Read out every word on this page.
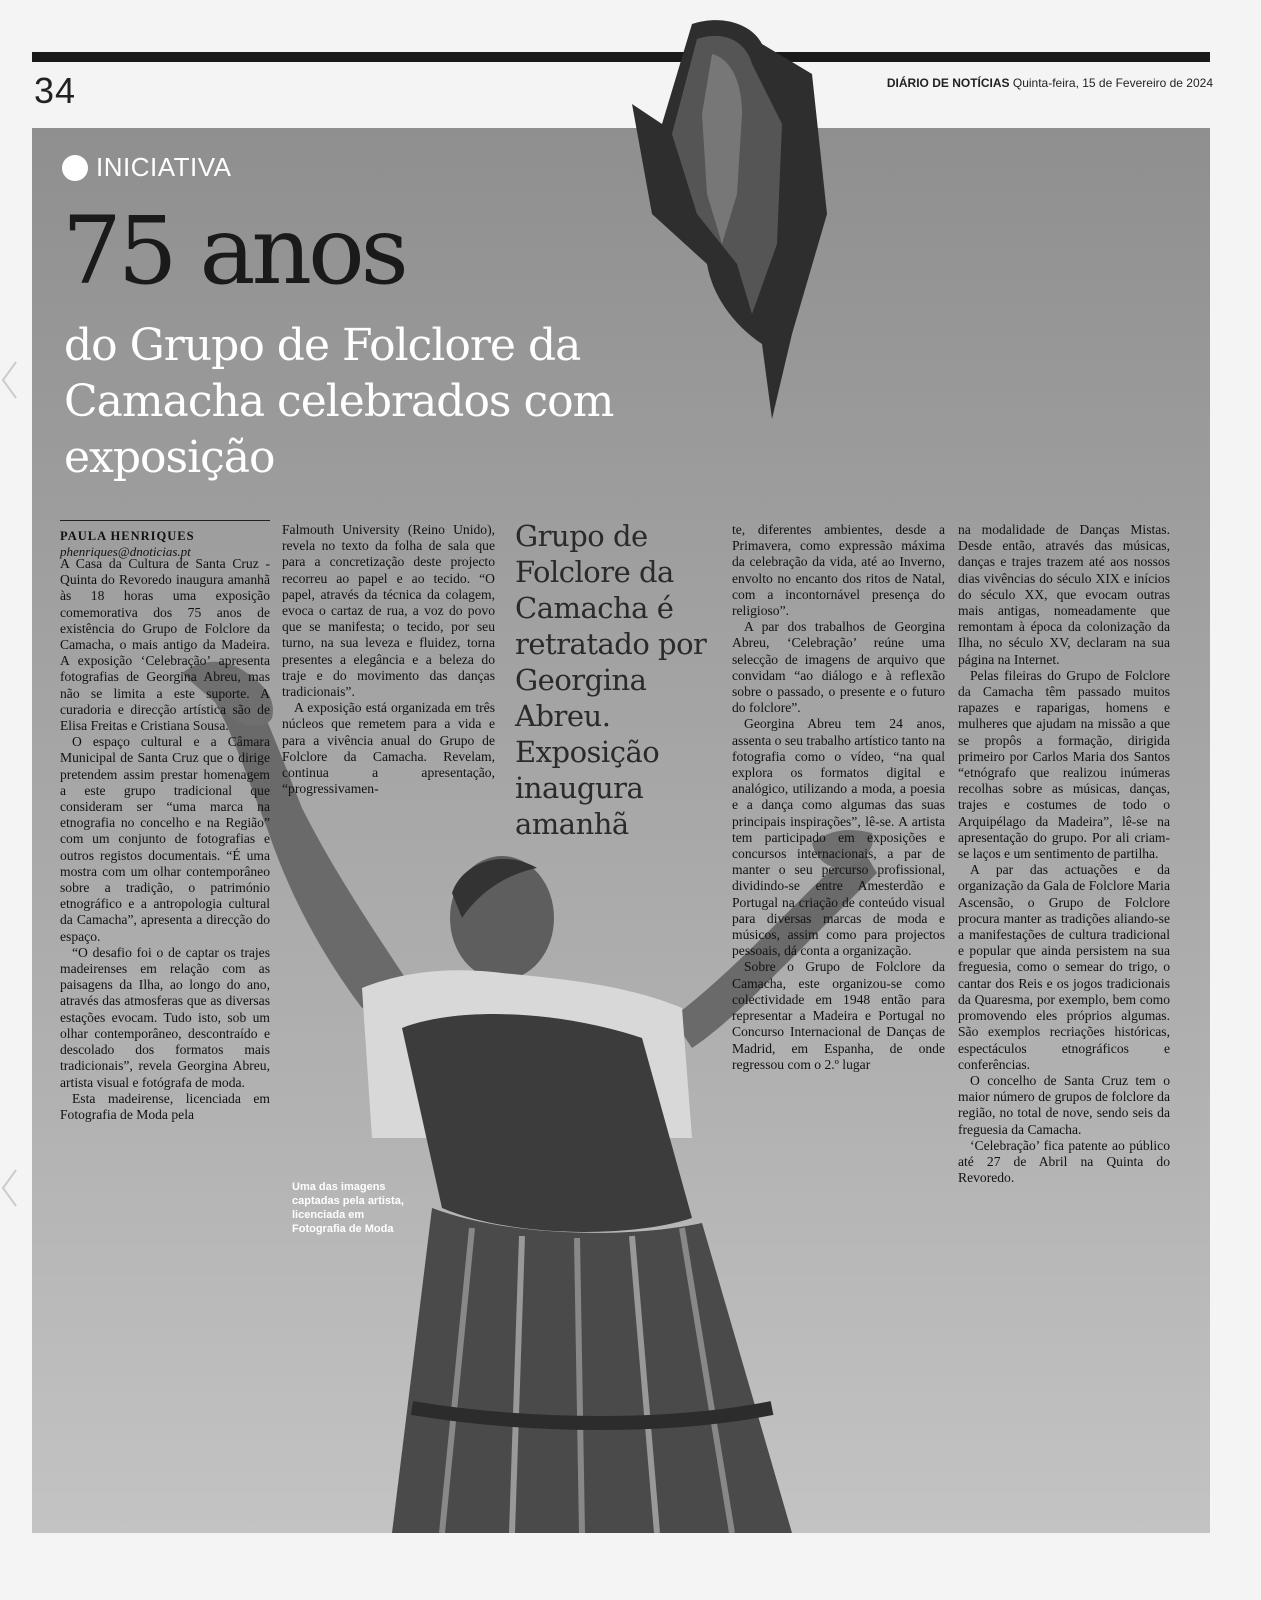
34	DIÁRIO DE NOTÍCIAS Quinta-feira, 15 de Fevereiro de 2024
INICIATIVA
75 anos
do Grupo de Folclore da Camacha celebrados com exposição
PAULA HENRIQUES
phenriques@dnoticias.pt

A Casa da Cultura de Santa Cruz - Quinta do Revoredo inaugura amanhã às 18 horas uma exposição comemorativa dos 75 anos de existência do Grupo de Folclore da Camacha, o mais antigo da Madeira. A exposição ‘Celebração’ apresenta fotografias de Georgina Abreu, mas não se limita a este suporte. A curadoria e direcção artística são de Elisa Freitas e Cristiana Sousa.

O espaço cultural e a Câmara Municipal de Santa Cruz que o dirige pretendem assim prestar homenagem a este grupo tradicional que consideram ser “uma marca na etnografia no concelho e na Região” com um conjunto de fotografias e outros registos documentais. “É uma mostra com um olhar contemporâneo sobre a tradição, o património etnográfico e a antropologia cultural da Camacha”, apresenta a direcção do espaço.

“O desafio foi o de captar os trajes madeirenses em relação com as paisagens da Ilha, ao longo do ano, através das atmosferas que as diversas estações evocam. Tudo isto, sob um olhar contemporâneo, descontraído e descolado dos formatos mais tradicionais”, revela Georgina Abreu, artista visual e fotógrafa de moda.

Esta madeirense, licenciada em Fotografia de Moda pela

Falmouth University (Reino Unido), revela no texto da folha de sala que para a concretização deste projecto recorreu ao papel e ao tecido. “O papel, através da técnica da colagem, evoca o cartaz de rua, a voz do povo que se manifesta; o tecido, por seu turno, na sua leveza e fluidez, torna presentes a elegância e a beleza do traje e do movimento das danças tradicionais”.

A exposição está organizada em três núcleos que remetem para a vida e para a vivência anual do Grupo de Folclore da Camacha. Revelam, continua a apresentação, “progressivamen-

Grupo de Folclore da Camacha é retratado por Georgina Abreu. Exposição inaugura amanhã

te, diferentes ambientes, desde a Primavera, como expressão máxima da celebração da vida, até ao Inverno, envolto no encanto dos ritos de Natal, com a incontornável presença do religioso”.

A par dos trabalhos de Georgina Abreu, ‘Celebração’ reúne uma selecção de imagens de arquivo que convidam “ao diálogo e à reflexão sobre o passado, o presente e o futuro do folclore”.

Georgina Abreu tem 24 anos, assenta o seu trabalho artístico tanto na fotografia como o vídeo, “na qual explora os formatos digital e analógico, utilizando a moda, a poesia e a dança como algumas das suas principais inspirações”, lê-se. A artista tem participado em exposições e concursos internacionais, a par de manter o seu percurso profissional, dividindo-se entre Amesterdão e Portugal na criação de conteúdo visual para diversas marcas de moda e músicos, assim como para projectos pessoais, dá conta a organização.

Sobre o Grupo de Folclore da Camacha, este organizou-se como colectividade em 1948 então para representar a Madeira e Portugal no Concurso Internacional de Danças de Madrid, em Espanha, de onde regressou com o 2.º lugar

na modalidade de Danças Mistas. Desde então, através das músicas, danças e trajes trazem até aos nossos dias vivências do século XIX e inícios do século XX, que evocam outras mais antigas, nomeadamente que remontam à época da colonização da Ilha, no século XV, declaram na sua página na Internet.

Pelas fileiras do Grupo de Folclore da Camacha têm passado muitos rapazes e raparigas, homens e mulheres que ajudam na missão a que se propôs a formação, dirigida primeiro por Carlos Maria dos Santos “etnógrafo que realizou inúmeras recolhas sobre as músicas, danças, trajes e costumes de todo o Arquipélago da Madeira”, lê-se na apresentação do grupo. Por ali criam-se laços e um sentimento de partilha.

A par das actuações e da organização da Gala de Folclore Maria Ascensão, o Grupo de Folclore procura manter as tradições aliando-se a manifestações de cultura tradicional e popular que ainda persistem na sua freguesia, como o semear do trigo, o cantar dos Reis e os jogos tradicionais da Quaresma, por exemplo, bem como promovendo eles próprios algumas. São exemplos recriações históricas, espectáculos etnográficos e conferências.

O concelho de Santa Cruz tem o maior número de grupos de folclore da região, no total de nove, sendo seis da freguesia da Camacha.

‘Celebração’ fica patente ao público até 27 de Abril na Quinta do Revoredo.

Uma das imagens captadas pela artista, licenciada em Fotografia de Moda
